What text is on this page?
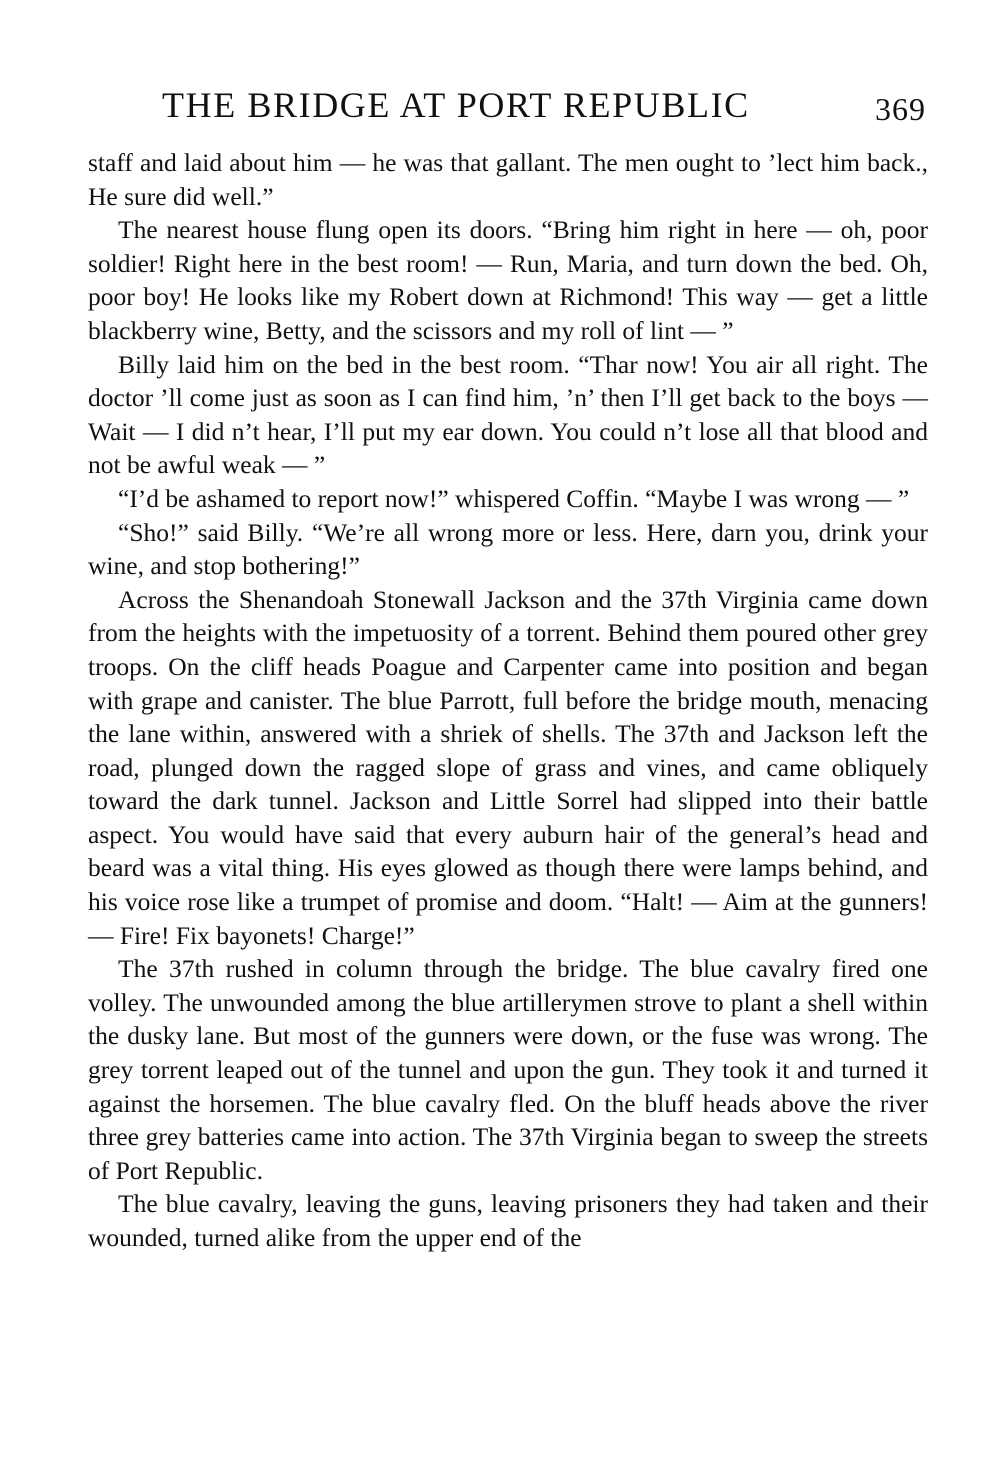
THE BRIDGE AT PORT REPUBLIC	369

staff and laid about him — he was that gallant. The men ought to ’lect him back., He sure did well.”

The nearest house flung open its doors. “Bring him right in here — oh, poor soldier! Right here in the best room! — Run, Maria, and turn down the bed. Oh, poor boy! He looks like my Robert down at Richmond! This way — get a little blackberry wine, Betty, and the scissors and my roll of lint — ”

Billy laid him on the bed in the best room. “Thar now! You air all right. The doctor ’ll come just as soon as I can find him, ’n’ then I’ll get back to the boys — Wait — I did n’t hear, I’ll put my ear down. You could n’t lose all that blood and not be awful weak — ”

“I’d be ashamed to report now!” whispered Coffin. “Maybe I was wrong — ”

“Sho!” said Billy. “We’re all wrong more or less. Here, darn you, drink your wine, and stop bothering!”

Across the Shenandoah Stonewall Jackson and the 37th Virginia came down from the heights with the impetuosity of a torrent. Behind them poured other grey troops. On the cliff heads Poague and Carpenter came into position and began with grape and canister. The blue Parrott, full before the bridge mouth, menacing the lane within, answered with a shriek of shells. The 37th and Jackson left the road, plunged down the ragged slope of grass and vines, and came obliquely toward the dark tunnel. Jackson and Little Sorrel had slipped into their battle aspect. You would have said that every auburn hair of the general’s head and beard was a vital thing. His eyes glowed as though there were lamps behind, and his voice rose like a trumpet of promise and doom. “Halt! — Aim at the gunners! — Fire! Fix bayonets! Charge!”

The 37th rushed in column through the bridge. The blue cavalry fired one volley. The unwounded among the blue artillerymen strove to plant a shell within the dusky lane. But most of the gunners were down, or the fuse was wrong. The grey torrent leaped out of the tunnel and upon the gun. They took it and turned it against the horsemen. The blue cavalry fled. On the bluff heads above the river three grey batteries came into action. The 37th Virginia began to sweep the streets of Port Republic.

The blue cavalry, leaving the guns, leaving prisoners they had taken and their wounded, turned alike from the upper end of the
